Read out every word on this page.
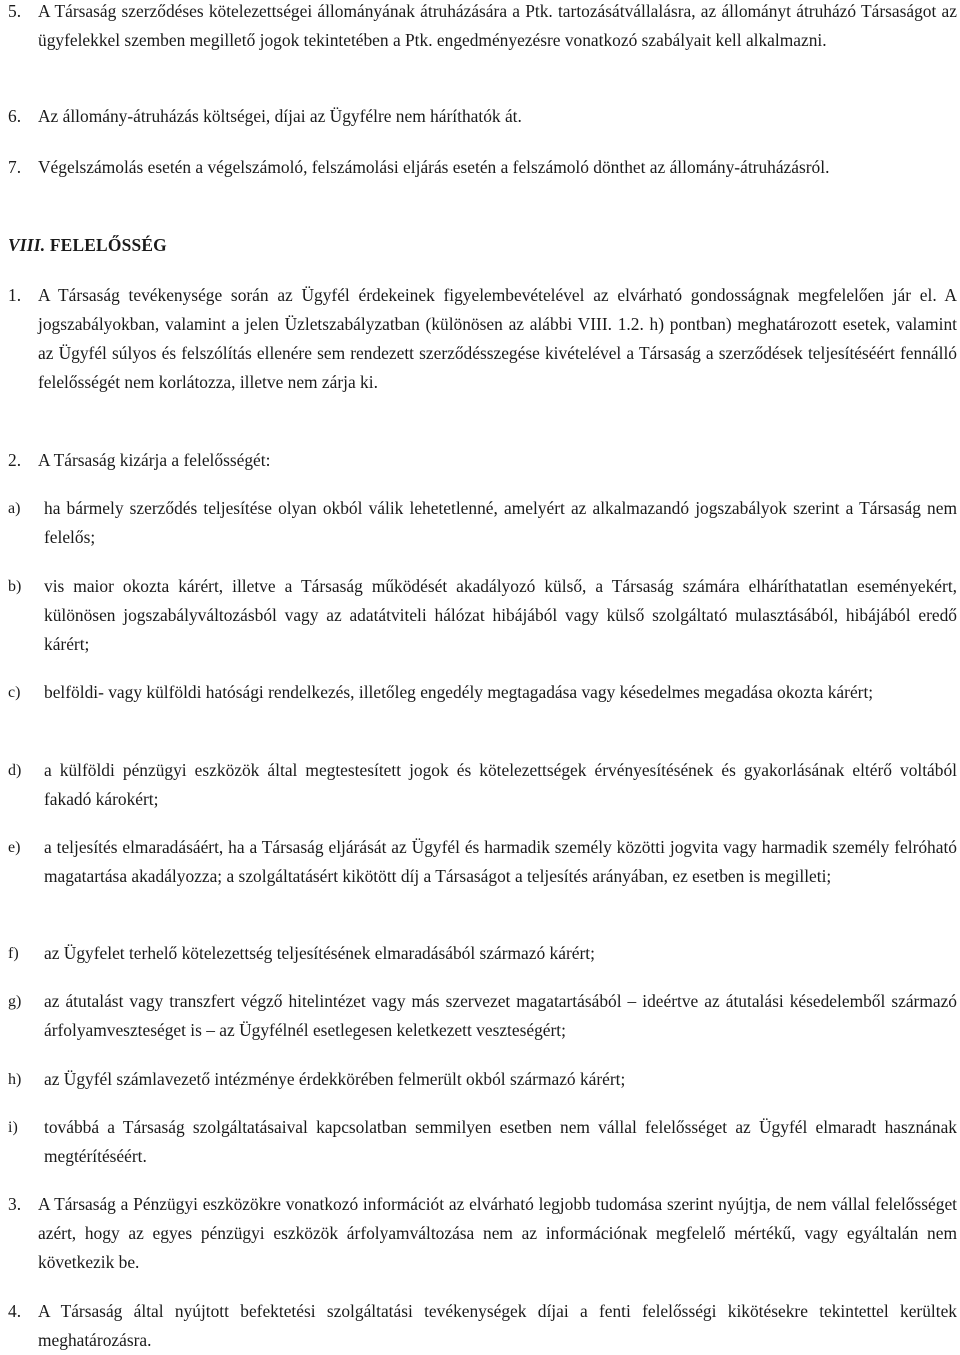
5. A Társaság szerződéses kötelezettségei állományának átruházására a Ptk. tartozásátvállalásra, az állományt átruházó Társaságot az ügyfelekkel szemben megillető jogok tekintetében a Ptk. engedményezésre vonatkozó szabályait kell alkalmazni.
6. Az állomány-átruházás költségei, díjai az Ügyfélre nem háríthatók át.
7. Végelszámolás esetén a végelszámoló, felszámolási eljárás esetén a felszámoló dönthet az állomány-átruházásról.
VIII. FELELŐSSÉG
1. A Társaság tevékenysége során az Ügyfél érdekeinek figyelembevételével az elvárható gondosságnak megfelelően jár el. A jogszabályokban, valamint a jelen Üzletszabályzatban (különösen az alábbi VIII. 1.2. h) pontban) meghatározott esetek, valamint az Ügyfél súlyos és felszólítás ellenére sem rendezett szerződésszegése kivételével a Társaság a szerződések teljesítéséért fennálló felelősségét nem korlátozza, illetve nem zárja ki.
2. A Társaság kizárja a felelősségét:
a)	ha bármely szerződés teljesítése olyan okból válik lehetetlenné, amelyért az alkalmazandó jogszabályok szerint a Társaság nem felelős;
b)	vis maior okozta kárért, illetve a Társaság működését akadályozó külső, a Társaság számára elháríthatatlan eseményekért, különösen jogszabályváltozásból vagy az adatátviteli hálózat hibájából vagy külső szolgáltató mulasztásából, hibájából eredő kárért;
c)	belföldi- vagy külföldi hatósági rendelkezés, illetőleg engedély megtagadása vagy késedelmes megadása okozta kárért;
d)	a külföldi pénzügyi eszközök által megtestesített jogok és kötelezettségek érvényesítésének és gyakorlásának eltérő voltából fakadó károkért;
e)	a teljesítés elmaradásáért, ha a Társaság eljárását az Ügyfél és harmadik személy közötti jogvita vagy harmadik személy felróható magatartása akadályozza; a szolgáltatásért kikötött díj a Társaságot a teljesítés arányában, ez esetben is megilleti;
f)	az Ügyfelet terhelő kötelezettség teljesítésének elmaradásából származó kárért;
g)	az átutalást vagy transzfert végző hitelintézet vagy más szervezet magatartásából – ideértve az átutalási késedelemből származó árfolyamveszteséget is – az Ügyfélnél esetlegesen keletkezett veszteségért;
h)	az Ügyfél számlavezető intézménye érdekkörében felmerült okból származó kárért;
i)	továbbá a Társaság szolgáltatásaival kapcsolatban semmilyen esetben nem vállal felelősséget az Ügyfél elmaradt hasznának megtérítéséért.
3. A Társaság a Pénzügyi eszközökre vonatkozó információt az elvárható legjobb tudomása szerint nyújtja, de nem vállal felelősséget azért, hogy az egyes pénzügyi eszközök árfolyamváltozása nem az információnak megfelelő mértékű, vagy egyáltalán nem következik be.
4. A Társaság által nyújtott befektetési szolgáltatási tevékenységek díjai a fenti felelősségi kikötésekre tekintettel kerültek meghatározásra.
